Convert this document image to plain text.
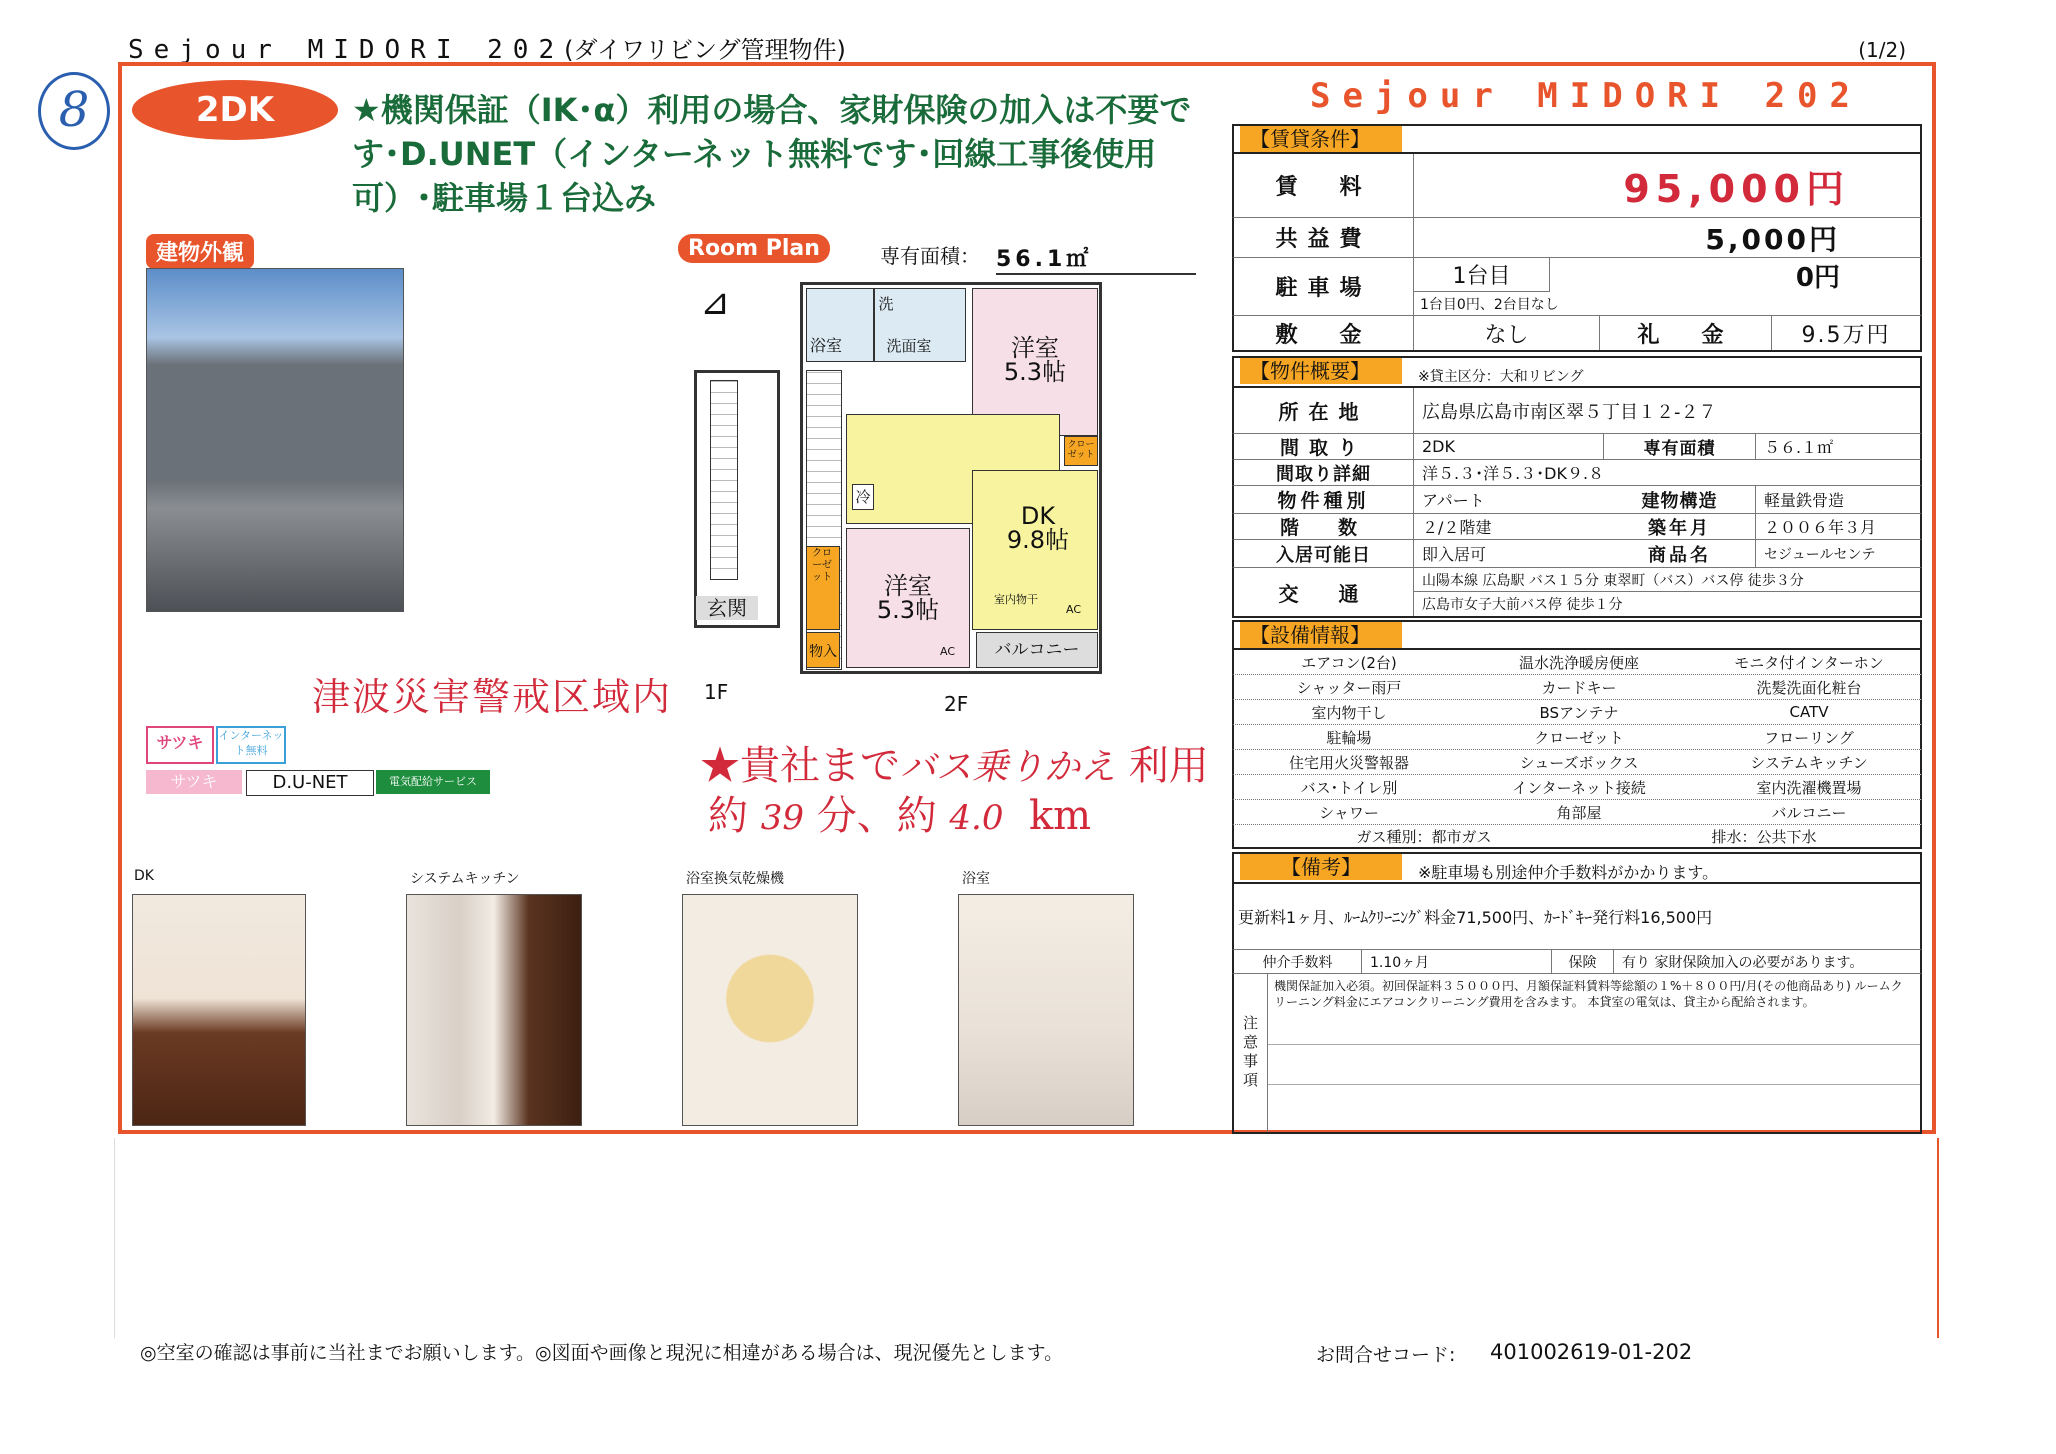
Sejour MIDORI 202(ダイワリビング管理物件)	(1/2)
8	2DK	★機関保証（IK･α）利用の場合、家財保険の加入は不要です･D.UNET（インターネット無料です･回線工事後使用可）･駐車場１台込み
建物外観	Room Plan	専有面積： 56.1㎡
⊿
玄関
1F
浴室
洗
洗面室	洋室
5.3帖
クロー
ゼット
DK
9.8帖
冷
洋室
5.3帖
クローゼット
物入
室内物干
AC
AC	バルコニー
2F
津波災害警戒区域内
サツキ	インターネット無料
サツキ	D.U-NET	電気配給サービス	★貴社までバス乗りかえ 利用
約 39 分、約 4.0 km
DK	システムキッチン	浴室換気乾燥機	浴室
Sejour MIDORI 202
【賃貸条件】
賃　料	95,000円
共益費	5,000円
駐車場	1台目	0円
1台目0円、2台目なし
敷　金	なし	礼　金	9.5万円
【物件概要】	※貸主区分：大和リビング
所在地	広島県広島市南区翠５丁目１２-２７
間取り	2DK	専有面積	５６.１㎡
間取り詳細	洋５.３･洋５.３･DK９.８
物件種別	アパート	建物構造	軽量鉄骨造
階　数	２/２階建	築年月	２００６年３月
入居可能日	即入居可	商品名	セジュールセンテ
交　通
山陽本線 広島駅 バス１５分 東翠町（バス）バス停 徒歩３分
広島市女子大前バス停 徒歩１分
【設備情報】
エアコン(2台)	温水洗浄暖房便座	モニタ付インターホン
シャッター雨戸	カードキー	洗髪洗面化粧台
室内物干し	BSアンテナ	CATV
駐輪場	クローゼット	フローリング
住宅用火災警報器	シューズボックス	システムキッチン
バス･トイレ別	インターネット接続	室内洗濯機置場
シャワー	角部屋	バルコニー
ガス種別：都市ガス	排水：公共下水
【備考】	※駐車場も別途仲介手数料がかかります。
更新料1ヶ月、ﾙｰﾑｸﾘｰﾆﾝｸﾞ料金71,500円、ｶｰﾄﾞｷｰ発行料16,500円
仲介手数料	1.10ヶ月	保険	有り 家財保険加入の必要があります。
注意事項
機関保証加入必須。初回保証料３５０００円、月額保証料賃料等総額の１%＋８００円/月(その他商品あり) ルームクリーニング料金にエアコンクリーニング費用を含みます。 本貸室の電気は、貸主から配給されます。
◎空室の確認は事前に当社までお願いします。◎図面や画像と現況に相違がある場合は、現況優先とします。	お問合せコード: 401002619-01-202
